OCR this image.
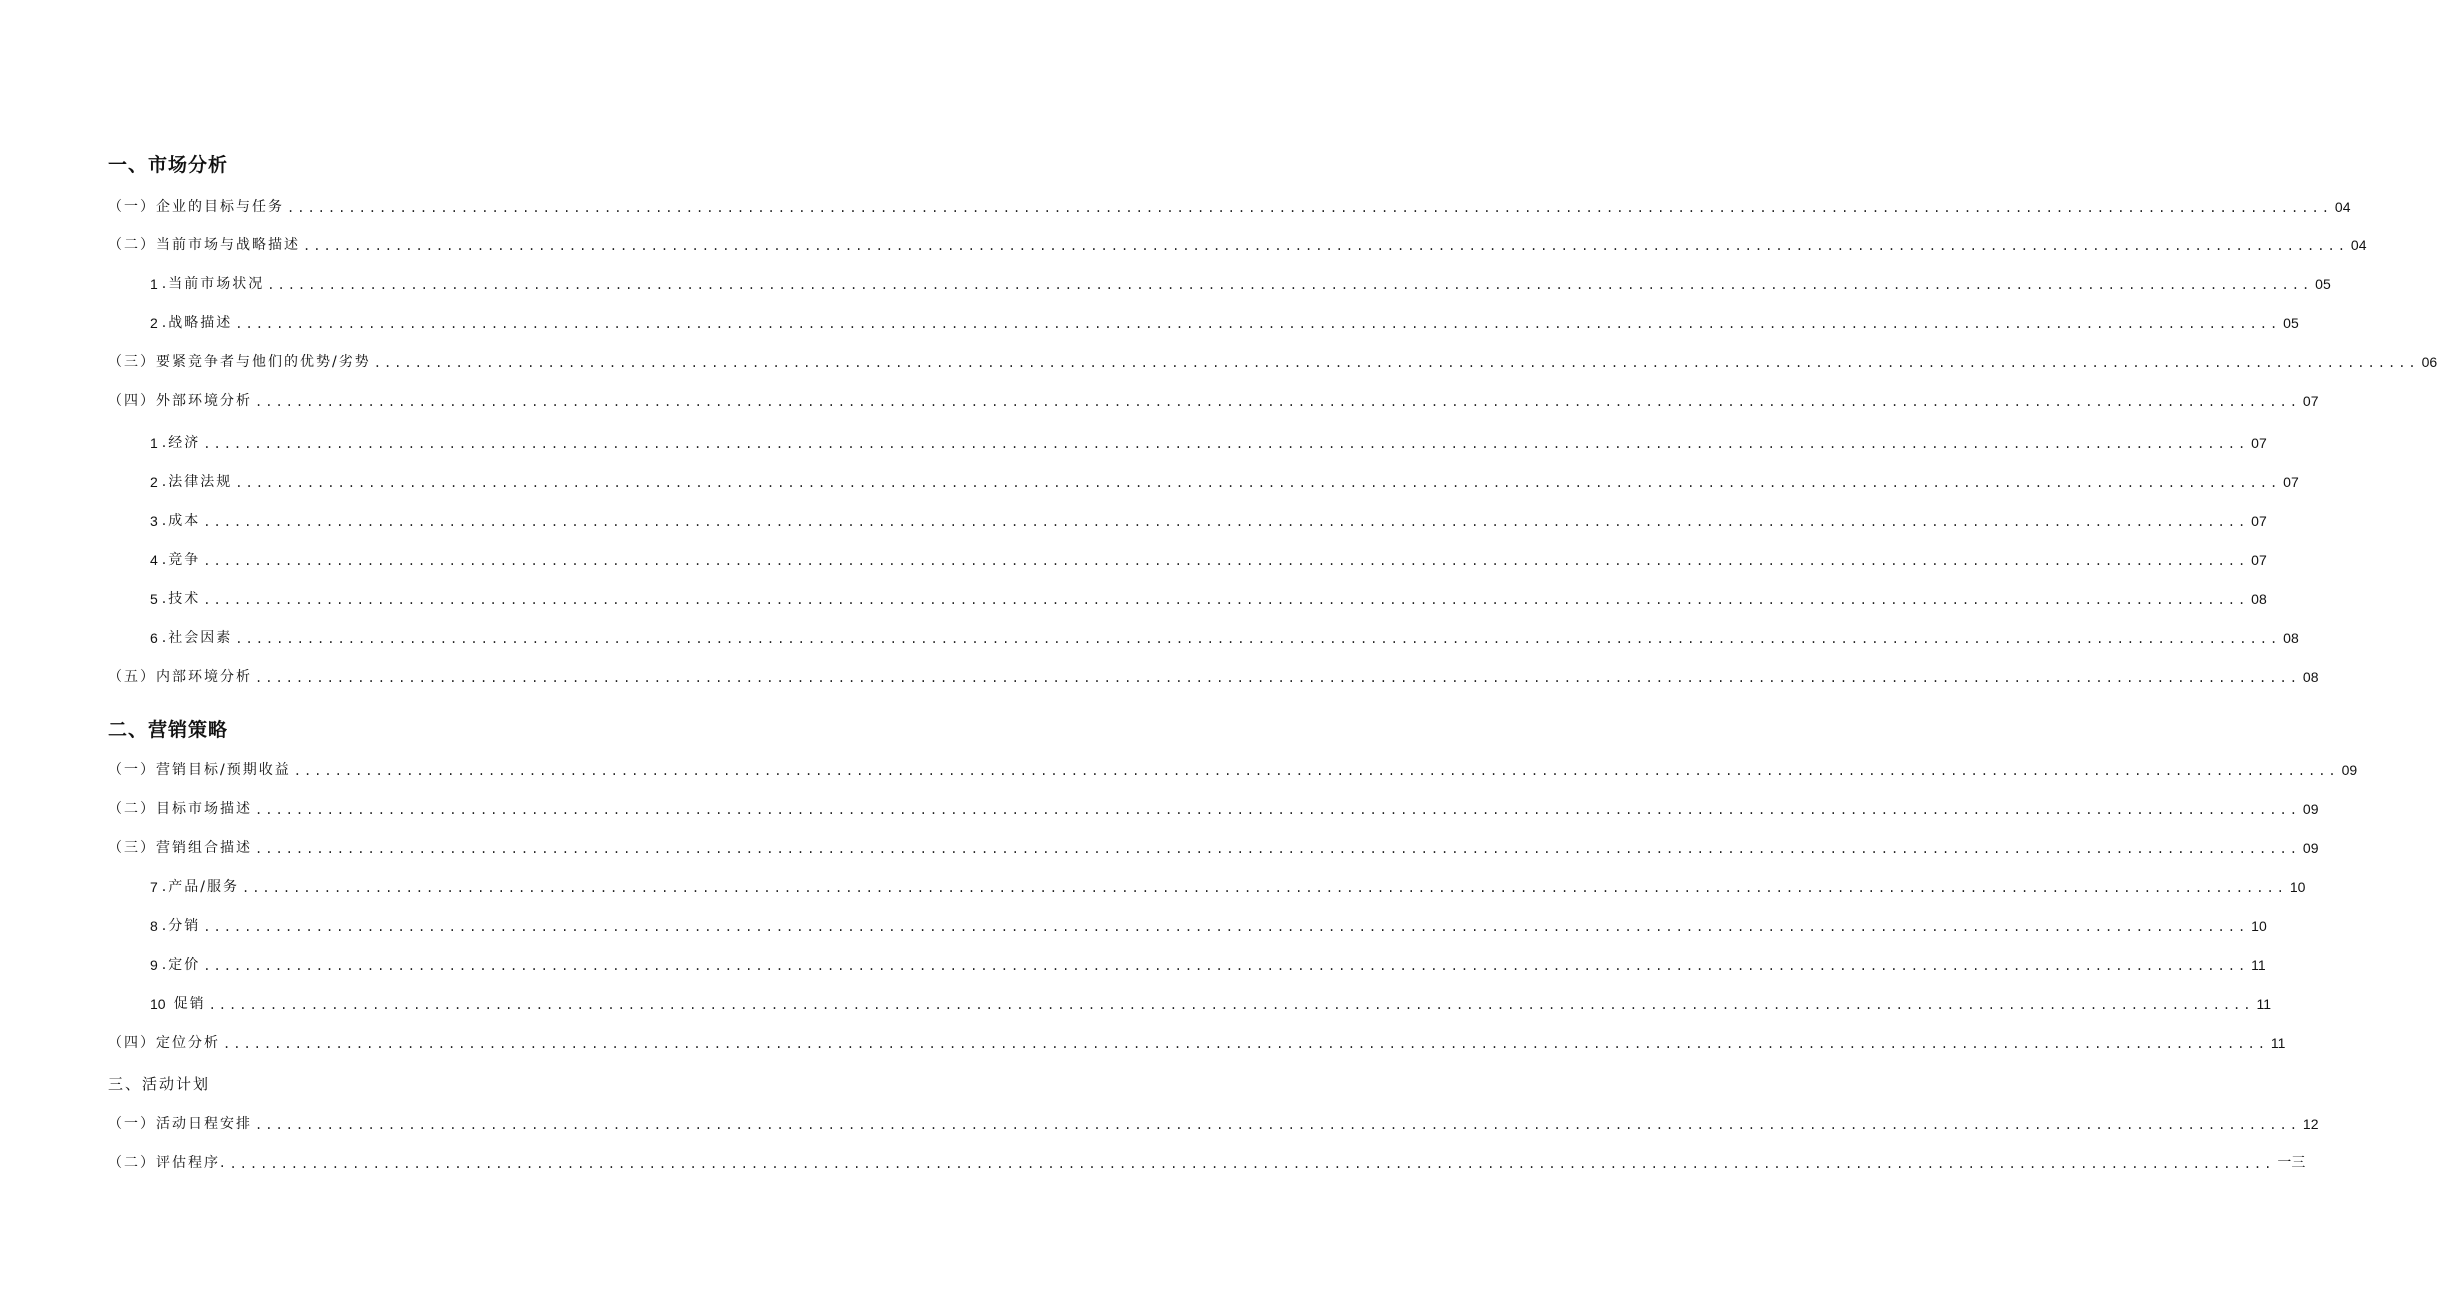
一、市场分析
（一）企业的目标与任务 ........................................................................................................................................................................................................ 04
（二）当前市场与战略描述 ........................................................................................................................................................................................................ 04
1 .当前市场状况 ........................................................................................................................................................................................................ 05
2 .战略描述 ........................................................................................................................................................................................................ 05
（三）要紧竞争者与他们的优势/劣势 ........................................................................................................................................................................................................ 06
（四）外部环境分析 ........................................................................................................................................................................................................ 07
1 .经济 ........................................................................................................................................................................................................ 07
2 .法律法规 ........................................................................................................................................................................................................ 07
3 .成本 ........................................................................................................................................................................................................ 07
4 .竞争 ........................................................................................................................................................................................................ 07
5 .技术 ........................................................................................................................................................................................................ 08
6 .社会因素 ........................................................................................................................................................................................................ 08
（五）内部环境分析 ........................................................................................................................................................................................................ 08
二、营销策略
（一）营销目标/预期收益 ........................................................................................................................................................................................................ 09
（二）目标市场描述 ........................................................................................................................................................................................................ 09
（三）营销组合描述 ........................................................................................................................................................................................................ 09
7 .产品/服务 ........................................................................................................................................................................................................ 10
8 .分销 ........................................................................................................................................................................................................ 10
9 .定价 ........................................................................................................................................................................................................ 11
10 促销 ........................................................................................................................................................................................................ 11
（四）定位分析 ........................................................................................................................................................................................................ 11
三、活动计划
（一）活动日程安排 ........................................................................................................................................................................................................ 12
（二）评估程序. ........................................................................................................................................................................................................ 一三
